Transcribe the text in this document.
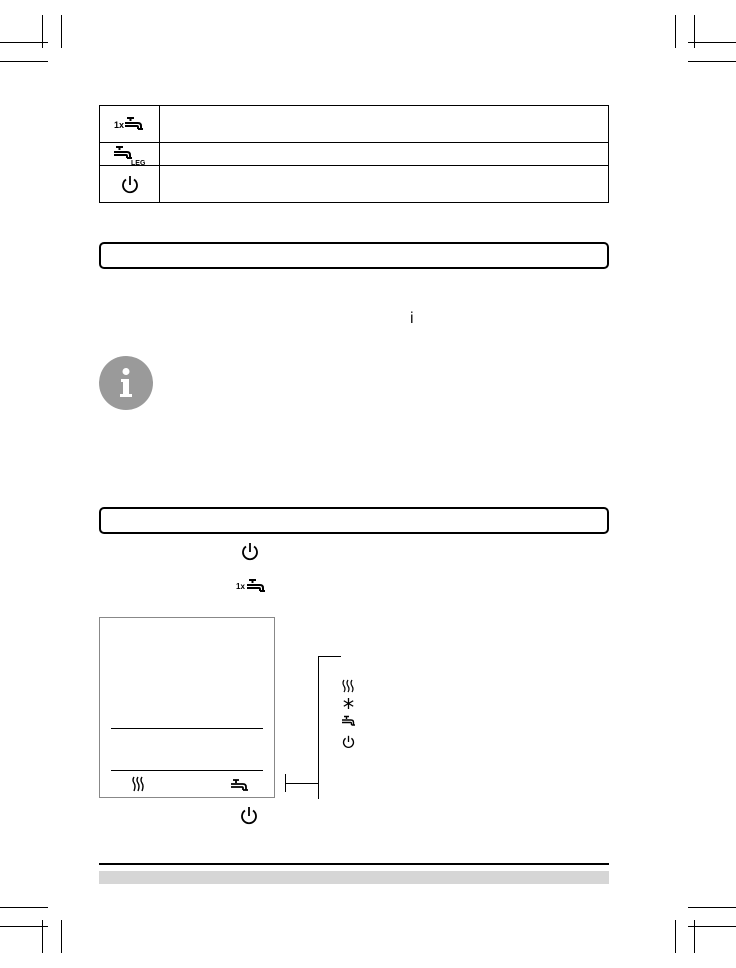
1x
LEG
i
1x
